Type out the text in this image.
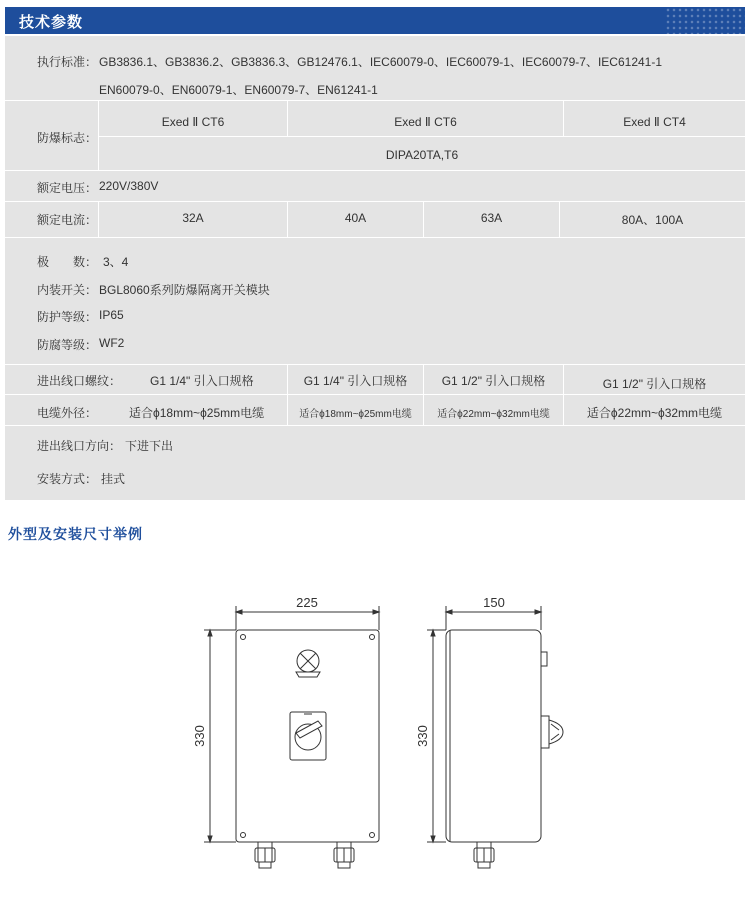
技术参数
执行标准： GB3836.1、GB3836.2、GB3836.3、GB12476.1、IEC60079-0、IEC60079-1、IEC60079-7、IEC61241-1
EN60079-0、EN60079-1、EN60079-7、EN61241-1
防爆标志：
Exed Ⅱ CT6	Exed Ⅱ CT6	Exed Ⅱ CT4
DIPA20TA,T6
额定电压： 220V/380V
额定电流：	32A	40A	63A	80A、100A
极　　数： 3、4
内装开关： BGL8060系列防爆隔离开关模块
防护等级： IP65
防腐等级： WF2
进出线口螺纹： G1 1/4" 引入口规格	G1 1/4" 引入口规格	G1 1/2" 引入口规格	G1 1/2" 引入口规格
电缆外径：	适合ϕ18mm~ϕ25mm电缆	适合ϕ18mm~ϕ25mm电缆	适合ϕ22mm~ϕ32mm电缆	适合ϕ22mm~ϕ32mm电缆
进出线口方向： 下进下出
安装方式： 挂式
外型及安装尺寸举例
225
330
150
330
